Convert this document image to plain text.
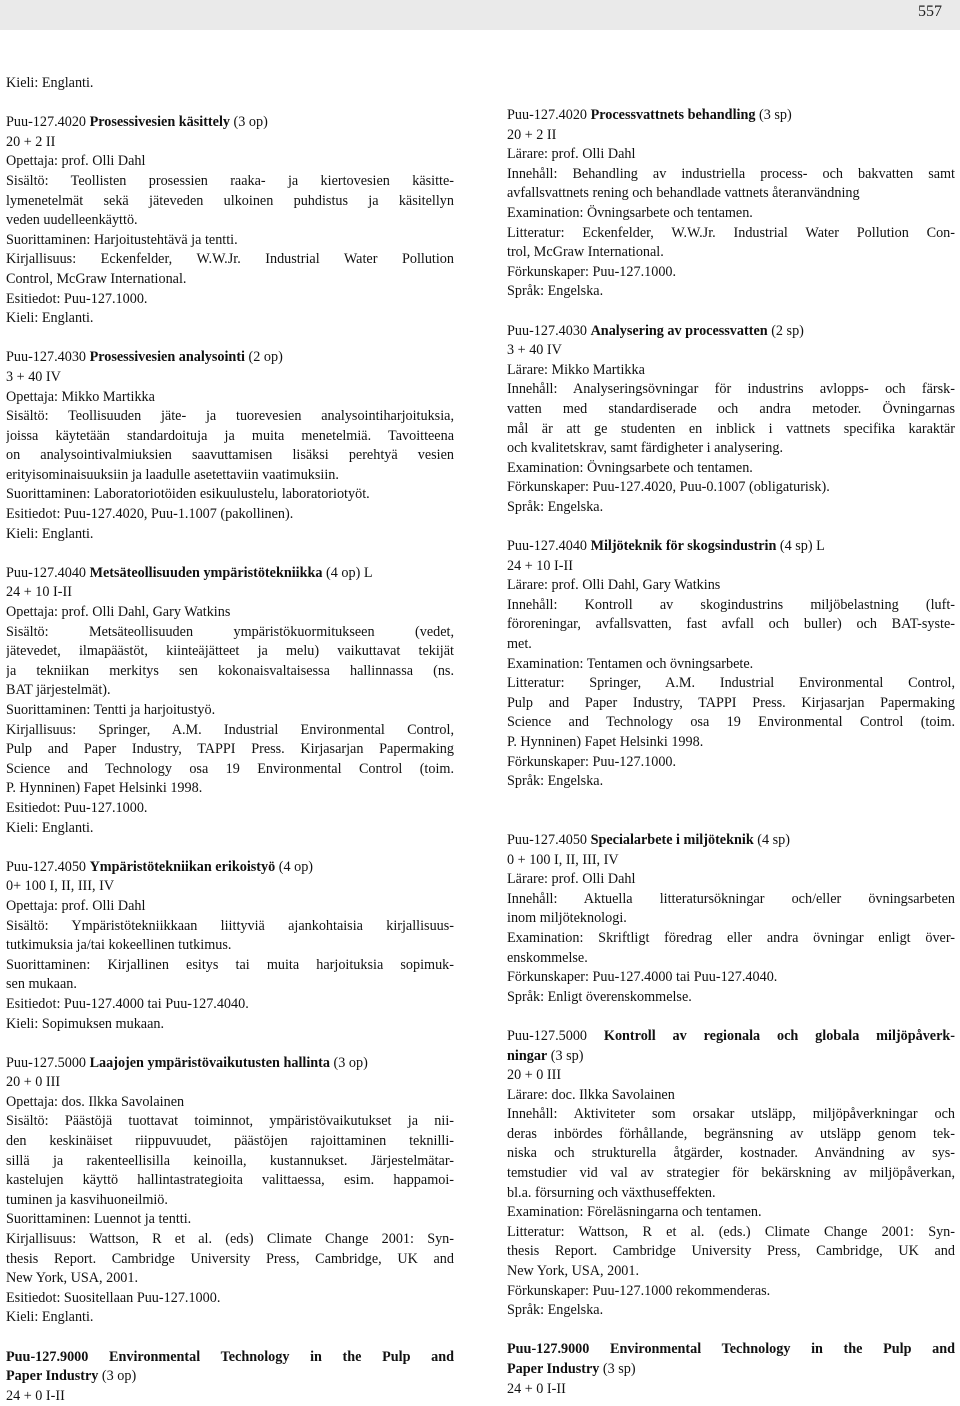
557
Kieli: Englanti.
Puu-127.4020 Prosessivesien käsittely (3 op)
20 + 2 II
Opettaja: prof. Olli Dahl
Sisältö: Teollisten prosessien raaka- ja kiertovesien käsitte-
lymenetelmät sekä jäteveden ulkoinen puhdistus ja käsitellyn
veden uudelleenkäyttö.
Suorittaminen: Harjoitustehtävä ja tentti.
Kirjallisuus: Eckenfelder, W.W.Jr. Industrial Water Pollution
Control, McGraw International.
Esitiedot: Puu-127.1000.
Kieli: Englanti.
Puu-127.4030 Prosessivesien analysointi (2 op)
3 + 40 IV
Opettaja: Mikko Martikka
Sisältö: Teollisuuden jäte- ja tuorevesien analysointiharjoituksia,
joissa käytetään standardoituja ja muita menetelmiä. Tavoitteena
on analysointivalmiuksien saavuttamisen lisäksi perehtyä vesien
erityisominaisuuksiin ja laadulle asetettaviin vaatimuksiin.
Suorittaminen: Laboratoriotöiden esikuulustelu, laboratoriotyöt.
Esitiedot: Puu-127.4020, Puu-1.1007 (pakollinen).
Kieli: Englanti.
Puu-127.4040 Metsäteollisuuden ympäristötekniikka (4 op) L
24 + 10 I-II
Opettaja: prof. Olli Dahl, Gary Watkins
Sisältö: Metsäteollisuuden ympäristökuormitukseen (vedet,
jätevedet, ilmapäästöt, kiinteäjätteet ja melu) vaikuttavat tekijät
ja tekniikan merkitys sen kokonaisvaltaisessa hallinnassa (ns.
BAT järjestelmät).
Suorittaminen: Tentti ja harjoitustyö.
Kirjallisuus: Springer, A.M. Industrial Environmental Control,
Pulp and Paper Industry, TAPPI Press. Kirjasarjan Papermaking
Science and Technology osa 19 Environmental Control (toim.
P. Hynninen) Fapet Helsinki 1998.
Esitiedot: Puu-127.1000.
Kieli: Englanti.
Puu-127.4050 Ympäristötekniikan erikoistyö (4 op)
0+ 100 I, II, III, IV
Opettaja: prof. Olli Dahl
Sisältö: Ympäristötekniikkaan liittyviä ajankohtaisia kirjallisuus-
tutkimuksia ja/tai kokeellinen tutkimus.
Suorittaminen: Kirjallinen esitys tai muita harjoituksia sopimuk-
sen mukaan.
Esitiedot: Puu-127.4000 tai Puu-127.4040.
Kieli: Sopimuksen mukaan.
Puu-127.5000 Laajojen ympäristövaikutusten hallinta (3 op)
20 + 0 III
Opettaja: dos. Ilkka Savolainen
Sisältö: Päästöjä tuottavat toiminnot, ympäristövaikutukset ja nii-
den keskinäiset riippuvuudet, päästöjen rajoittaminen teknilli-
sillä ja rakenteellisilla keinoilla, kustannukset. Järjestelmätar-
kastelujen käyttö hallintastrategioita valittaessa, esim. happamoi-
tuminen ja kasvihuoneilmiö.
Suorittaminen: Luennot ja tentti.
Kirjallisuus: Wattson, R et al. (eds) Climate Change 2001: Syn-
thesis Report. Cambridge University Press, Cambridge, UK and
New York, USA, 2001.
Esitiedot: Suositellaan Puu-127.1000.
Kieli: Englanti.
Puu-127.9000 Environmental Technology in the Pulp and
Paper Industry (3 op)
24 + 0 I-II
Puu-127.4020 Processvattnets behandling (3 sp)
20 + 2 II
Lärare: prof. Olli Dahl
Innehåll: Behandling av industriella process- och bakvatten samt
avfallsvattnets rening och behandlade vattnets återanvändning
Examination: Övningsarbete och tentamen.
Litteratur: Eckenfelder, W.W.Jr. Industrial Water Pollution Con-
trol, McGraw International.
Förkunskaper: Puu-127.1000.
Språk: Engelska.
Puu-127.4030 Analysering av processvatten (2 sp)
3 + 40 IV
Lärare: Mikko Martikka
Innehåll: Analyseringsövningar för industrins avlopps- och färsk-
vatten med standardiserade och andra metoder. Övningarnas
mål är att ge studenten en inblick i vattnets specifika karaktär
och kvalitetskrav, samt färdigheter i analysering.
Examination: Övningsarbete och tentamen.
Förkunskaper: Puu-127.4020, Puu-0.1007 (obligaturisk).
Språk: Engelska.
Puu-127.4040 Miljöteknik för skogsindustrin (4 sp) L
24 + 10 I-II
Lärare: prof. Olli Dahl, Gary Watkins
Innehåll: Kontroll av skogindustrins miljöbelastning (luft-
föroreningar, avfallsvatten, fast avfall och buller) och BAT-syste-
met.
Examination: Tentamen och övningsarbete.
Litteratur: Springer, A.M. Industrial Environmental Control,
Pulp and Paper Industry, TAPPI Press. Kirjasarjan Papermaking
Science and Technology osa 19 Environmental Control (toim.
P. Hynninen) Fapet Helsinki 1998.
Förkunskaper: Puu-127.1000.
Språk: Engelska.
Puu-127.4050 Specialarbete i miljöteknik (4 sp)
0 + 100 I, II, III, IV
Lärare: prof. Olli Dahl
Innehåll: Aktuella litteratursökningar och/eller övningsarbeten
inom miljöteknologi.
Examination: Skriftligt föredrag eller andra övningar enligt över-
enskommelse.
Förkunskaper: Puu-127.4000 tai Puu-127.4040.
Språk: Enligt överenskommelse.
Puu-127.5000 Kontroll av regionala och globala miljöpåverk-
ningar (3 sp)
20 + 0 III
Lärare: doc. Ilkka Savolainen
Innehåll: Aktiviteter som orsakar utsläpp, miljöpåverkningar och
deras inbördes förhållande, begränsning av utsläpp genom tek-
niska och strukturella åtgärder, kostnader. Användning av sys-
temstudier vid val av strategier för bekärskning av miljöpåverkan,
bl.a. försurning och växthuseffekten.
Examination: Föreläsningarna och tentamen.
Litteratur: Wattson, R et al. (eds.) Climate Change 2001: Syn-
thesis Report. Cambridge University Press, Cambridge, UK and
New York, USA, 2001.
Förkunskaper: Puu-127.1000 rekommenderas.
Språk: Engelska.
Puu-127.9000 Environmental Technology in the Pulp and
Paper Industry (3 sp)
24 + 0 I-II
